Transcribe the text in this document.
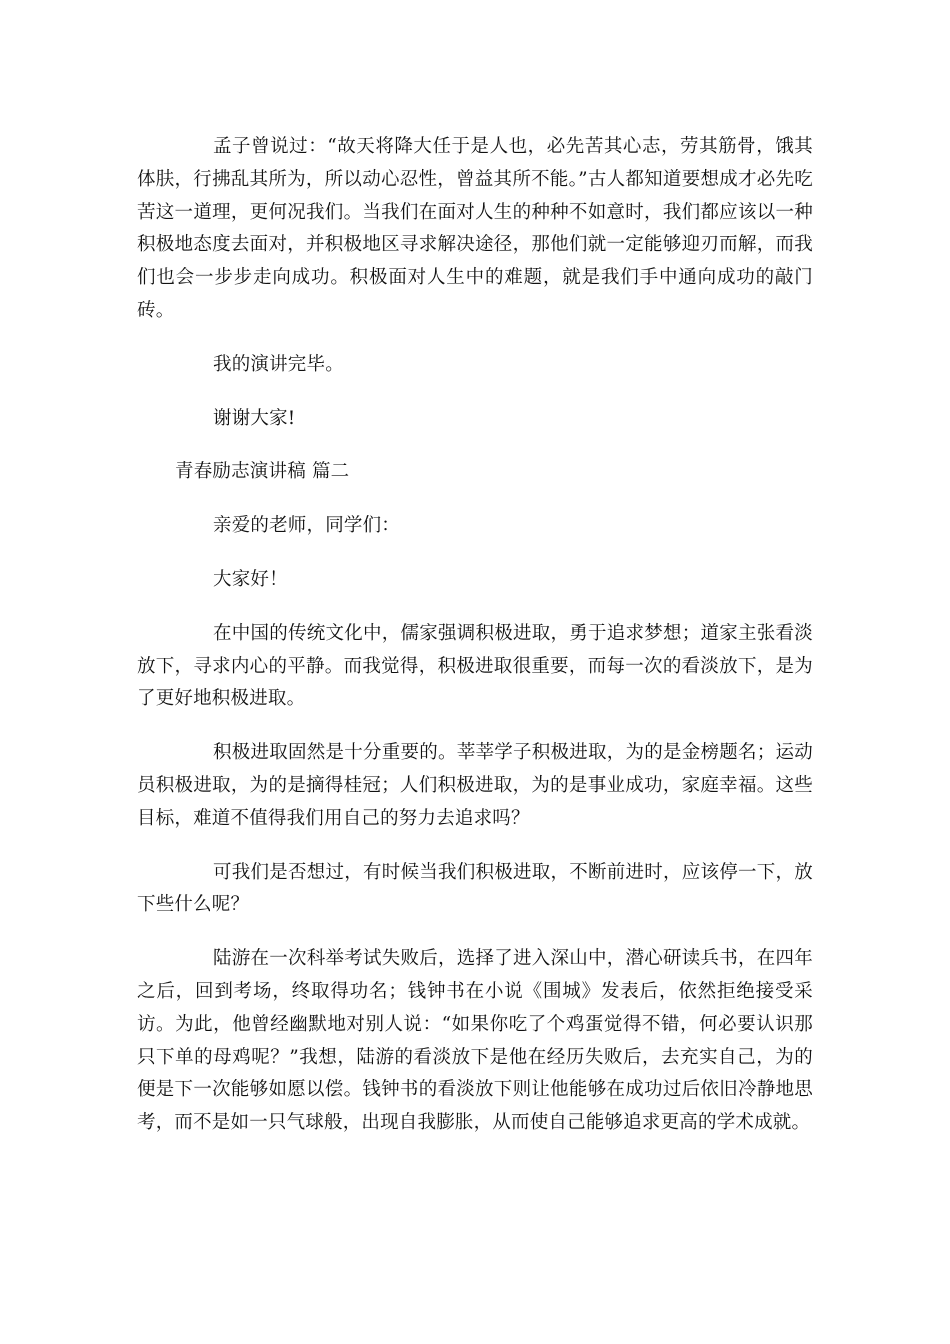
孟子曾说过：“故天将降大任于是人也，必先苦其心志，劳其筋骨，饿其体肤，行拂乱其所为，所以动心忍性，曾益其所不能。”古人都知道要想成才必先吃苦这一道理，更何况我们。当我们在面对人生的种种不如意时，我们都应该以一种积极地态度去面对，并积极地区寻求解决途径，那他们就一定能够迎刃而解，而我们也会一步步走向成功。积极面对人生中的难题，就是我们手中通向成功的敲门砖。

我的演讲完毕。

谢谢大家!

青春励志演讲稿 篇二

亲爱的老师，同学们：

大家好！

在中国的传统文化中，儒家强调积极进取，勇于追求梦想；道家主张看淡放下，寻求内心的平静。而我觉得，积极进取很重要，而每一次的看淡放下，是为了更好地积极进取。

积极进取固然是十分重要的。莘莘学子积极进取，为的是金榜题名；运动员积极进取，为的是摘得桂冠；人们积极进取，为的是事业成功，家庭幸福。这些目标，难道不值得我们用自己的努力去追求吗？

可我们是否想过，有时候当我们积极进取，不断前进时，应该停一下，放下些什么呢？

陆游在一次科举考试失败后，选择了进入深山中，潜心研读兵书，在四年之后，回到考场，终取得功名；钱钟书在小说《围城》发表后，依然拒绝接受采访。为此，他曾经幽默地对别人说：“如果你吃了个鸡蛋觉得不错，何必要认识那只下单的母鸡呢？”我想，陆游的看淡放下是他在经历失败后，去充实自己，为的便是下一次能够如愿以偿。钱钟书的看淡放下则让他能够在成功过后依旧冷静地思考，而不是如一只气球般，出现自我膨胀，从而使自己能够追求更高的学术成就。
